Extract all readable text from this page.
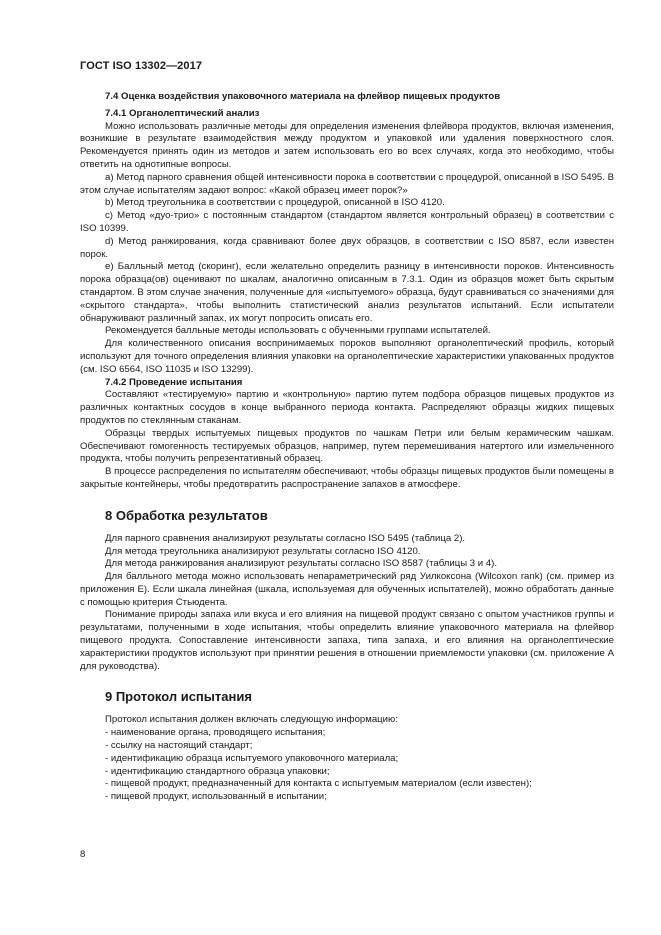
ГОСТ ISO 13302—2017

7.4 Оценка воздействия упаковочного материала на флейвор пищевых продуктов

7.4.1 Органолептический анализ

Можно использовать различные методы для определения изменения флейвора продуктов, включая изменения, возникшие в результате взаимодействия между продуктом и упаковкой или удаления поверхностного слоя. Рекомендуется принять один из методов и затем использовать его во всех случаях, когда это необходимо, чтобы ответить на однотипные вопросы.

а) Метод парного сравнения общей интенсивности порока в соответствии с процедурой, описанной в ISO 5495. В этом случае испытателям задают вопрос: «Какой образец имеет порок?»

b) Метод треугольника в соответствии с процедурой, описанной в ISO 4120.

с) Метод «дуо-трио» с постоянным стандартом (стандартом является контрольный образец) в соответствии с ISO 10399.

d) Метод ранжирования, когда сравнивают более двух образцов, в соответствии с ISO 8587, если известен порок.

е) Балльный метод (скоринг), если желательно определить разницу в интенсивности пороков. Интенсивность порока образца(ов) оценивают по шкалам, аналогично описанным в 7.3.1. Один из образцов может быть скрытым стандартом. В этом случае значения, полученные для «испытуемого» образца, будут сравниваться со значениями для «скрытого стандарта», чтобы выполнить статистический анализ результатов испытаний. Если испытатели обнаруживают различный запах, их могут попросить описать его.

Рекомендуется балльные методы использовать с обученными группами испытателей.

Для количественного описания воспринимаемых пороков выполняют органолептический профиль, который используют для точного определения влияния упаковки на органолептические характеристики упакованных продуктов (см. ISO 6564, ISO 11035 и ISO 13299).

7.4.2 Проведение испытания

Составляют «тестируемую» партию и «контрольную» партию путем подбора образцов пищевых продуктов из различных контактных сосудов в конце выбранного периода контакта. Распределяют образцы жидких пищевых продуктов по стеклянным стаканам.

Образцы твердых испытуемых пищевых продуктов по чашкам Петри или белым керамическим чашкам. Обеспечивают гомогенность тестируемых образцов, например, путем перемешивания натертого или измельченного продукта, чтобы получить репрезентативный образец.

В процессе распределения по испытателям обеспечивают, чтобы образцы пищевых продуктов были помещены в закрытые контейнеры, чтобы предотвратить распространение запахов в атмосфере.

8 Обработка результатов

Для парного сравнения анализируют результаты согласно ISO 5495 (таблица 2).

Для метода треугольника анализируют результаты согласно ISO 4120.

Для метода ранжирования анализируют результаты согласно ISO 8587 (таблицы 3 и 4).

Для балльного метода можно использовать непараметрический ряд Уилкоксона (Wilcoxon rank) (см. пример из приложения Е). Если шкала линейная (шкала, используемая для обученных испытателей), можно обработать данные с помощью критерия Стьюдента.

Понимание природы запаха или вкуса и его влияния на пищевой продукт связано с опытом участников группы и результатами, полученными в ходе испытания, чтобы определить влияние упаковочного материала на флейвор пищевого продукта. Сопоставление интенсивности запаха, типа запаха, и его влияния на органолептические характеристики продуктов используют при принятии решения в отношении приемлемости упаковки (см. приложение А для руководства).

9 Протокол испытания

Протокол испытания должен включать следующую информацию:

- наименование органа, проводящего испытания;

- ссылку на настоящий стандарт;

- идентификацию образца испытуемого упаковочного материала;

- идентификацию стандартного образца упаковки;

- пищевой продукт, предназначенный для контакта с испытуемым материалом (если известен);

- пищевой продукт, использованный в испытании;

8
